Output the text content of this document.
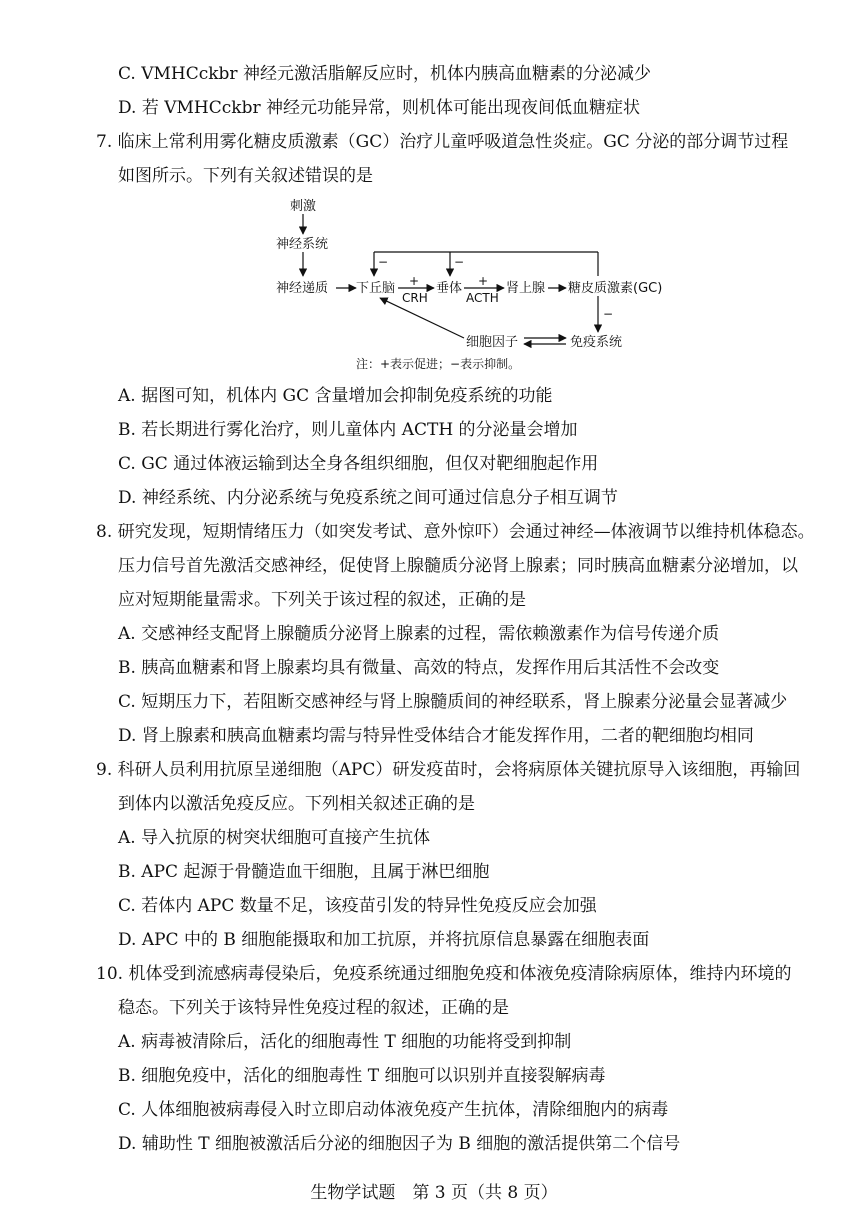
C. VMHCckbr 神经元激活脂解反应时，机体内胰高血糖素的分泌减少
D. 若 VMHCckbr 神经元功能异常，则机体可能出现夜间低血糖症状
7. 临床上常利用雾化糖皮质激素（GC）治疗儿童呼吸道急性炎症。GC 分泌的部分调节过程
如图所示。下列有关叙述错误的是
刺激
神经系统
神经递质 下丘脑 +
CRH
垂体 +
ACTH
肾上腺 糖皮质激素(GC)
−	−
−
细胞因子	免疫系统
注：+表示促进；−表示抑制。
A. 据图可知，机体内 GC 含量增加会抑制免疫系统的功能
B. 若长期进行雾化治疗，则儿童体内 ACTH 的分泌量会增加
C. GC 通过体液运输到达全身各组织细胞，但仅对靶细胞起作用
D. 神经系统、内分泌系统与免疫系统之间可通过信息分子相互调节
8. 研究发现，短期情绪压力（如突发考试、意外惊吓）会通过神经—体液调节以维持机体稳态。
压力信号首先激活交感神经，促使肾上腺髓质分泌肾上腺素；同时胰高血糖素分泌增加，以
应对短期能量需求。下列关于该过程的叙述，正确的是
A. 交感神经支配肾上腺髓质分泌肾上腺素的过程，需依赖激素作为信号传递介质
B. 胰高血糖素和肾上腺素均具有微量、高效的特点，发挥作用后其活性不会改变
C. 短期压力下，若阻断交感神经与肾上腺髓质间的神经联系，肾上腺素分泌量会显著减少
D. 肾上腺素和胰高血糖素均需与特异性受体结合才能发挥作用，二者的靶细胞均相同
9. 科研人员利用抗原呈递细胞（APC）研发疫苗时，会将病原体关键抗原导入该细胞，再输回
到体内以激活免疫反应。下列相关叙述正确的是
A. 导入抗原的树突状细胞可直接产生抗体
B. APC 起源于骨髓造血干细胞，且属于淋巴细胞
C. 若体内 APC 数量不足，该疫苗引发的特异性免疫反应会加强
D. APC 中的 B 细胞能摄取和加工抗原，并将抗原信息暴露在细胞表面
10. 机体受到流感病毒侵染后，免疫系统通过细胞免疫和体液免疫清除病原体，维持内环境的
稳态。下列关于该特异性免疫过程的叙述，正确的是
A. 病毒被清除后，活化的细胞毒性 T 细胞的功能将受到抑制
B. 细胞免疫中，活化的细胞毒性 T 细胞可以识别并直接裂解病毒
C. 人体细胞被病毒侵入时立即启动体液免疫产生抗体，清除细胞内的病毒
D. 辅助性 T 细胞被激活后分泌的细胞因子为 B 细胞的激活提供第二个信号
生物学试题　第 3 页（共 8 页）
